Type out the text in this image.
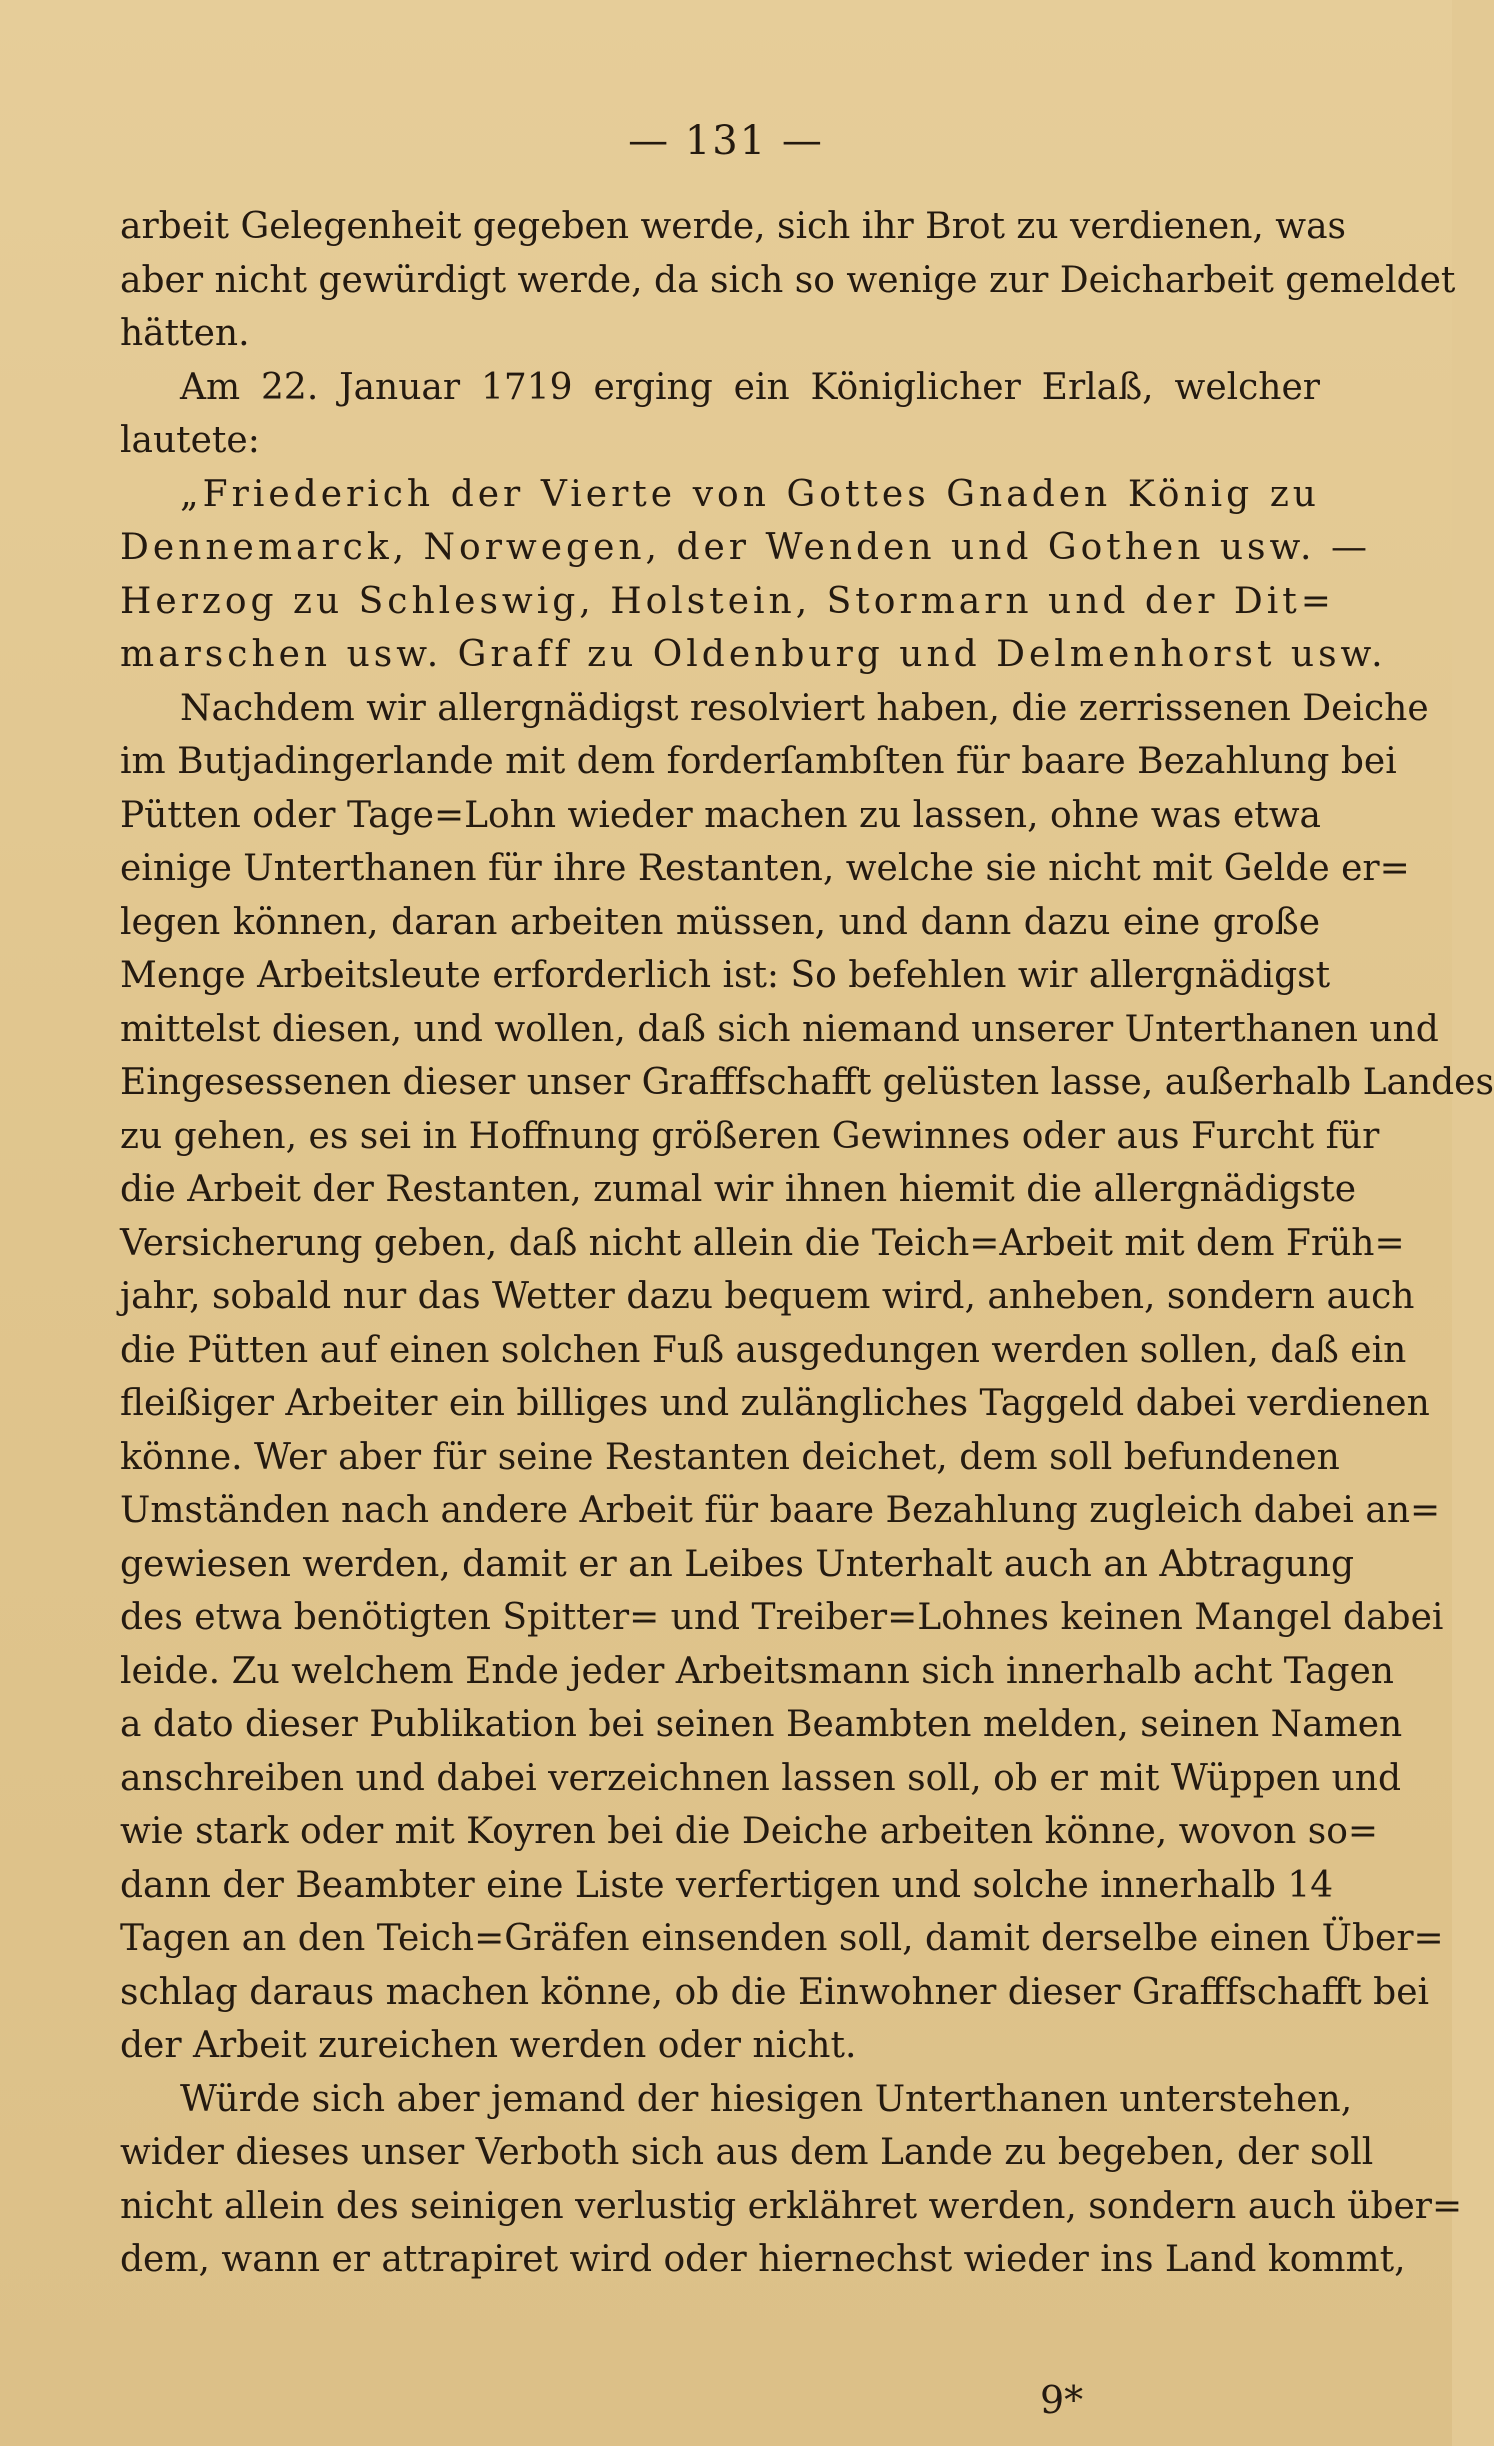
— 131 —
arbeit Gelegenheit gegeben werde, sich ihr Brot zu verdienen, was
aber nicht gewürdigt werde, da sich so wenige zur Deicharbeit gemeldet
hätten.
Am 22. Januar 1719 erging ein Königlicher Erlaß, welcher
lautete:
„Friederich der Vierte von Gottes Gnaden König zu
Dennemarck, Norwegen, der Wenden und Gothen usw. —
Herzog zu Schleswig, Holstein, Stormarn und der Dit=
marschen usw. Graff zu Oldenburg und Delmenhorst usw.
Nachdem wir allergnädigst resolviert haben, die zerrissenen Deiche
im Butjadingerlande mit dem forderſambſten für baare Bezahlung bei
Pütten oder Tage=Lohn wieder machen zu lassen, ohne was etwa
einige Unterthanen für ihre Restanten, welche sie nicht mit Gelde er=
legen können, daran arbeiten müssen, und dann dazu eine große
Menge Arbeitsleute erforderlich ist: So befehlen wir allergnädigst
mittelst diesen, und wollen, daß sich niemand unserer Unterthanen und
Eingesessenen dieser unser Grafffschafft gelüsten lasse, außerhalb Landes
zu gehen, es sei in Hoffnung größeren Gewinnes oder aus Furcht für
die Arbeit der Restanten, zumal wir ihnen hiemit die allergnädigste
Versicherung geben, daß nicht allein die Teich=Arbeit mit dem Früh=
jahr, sobald nur das Wetter dazu bequem wird, anheben, sondern auch
die Pütten auf einen solchen Fuß ausgedungen werden sollen, daß ein
fleißiger Arbeiter ein billiges und zulängliches Taggeld dabei verdienen
könne. Wer aber für seine Restanten deichet, dem soll befundenen
Umständen nach andere Arbeit für baare Bezahlung zugleich dabei an=
gewiesen werden, damit er an Leibes Unterhalt auch an Abtragung
des etwa benötigten Spitter= und Treiber=Lohnes keinen Mangel dabei
leide. Zu welchem Ende jeder Arbeitsmann sich innerhalb acht Tagen
a dato dieser Publikation bei seinen Beambten melden, seinen Namen
anschreiben und dabei verzeichnen lassen soll, ob er mit Wüppen und
wie stark oder mit Koyren bei die Deiche arbeiten könne, wovon so=
dann der Beambter eine Liste verfertigen und solche innerhalb 14
Tagen an den Teich=Gräfen einsenden soll, damit derselbe einen Über=
schlag daraus machen könne, ob die Einwohner dieser Grafffschafft bei
der Arbeit zureichen werden oder nicht.
Würde sich aber jemand der hiesigen Unterthanen unterstehen,
wider dieses unser Verboth sich aus dem Lande zu begeben, der soll
nicht allein des seinigen verlustig erklähret werden, sondern auch über=
dem, wann er attrapiret wird oder hiernechst wieder ins Land kommt,
9*
